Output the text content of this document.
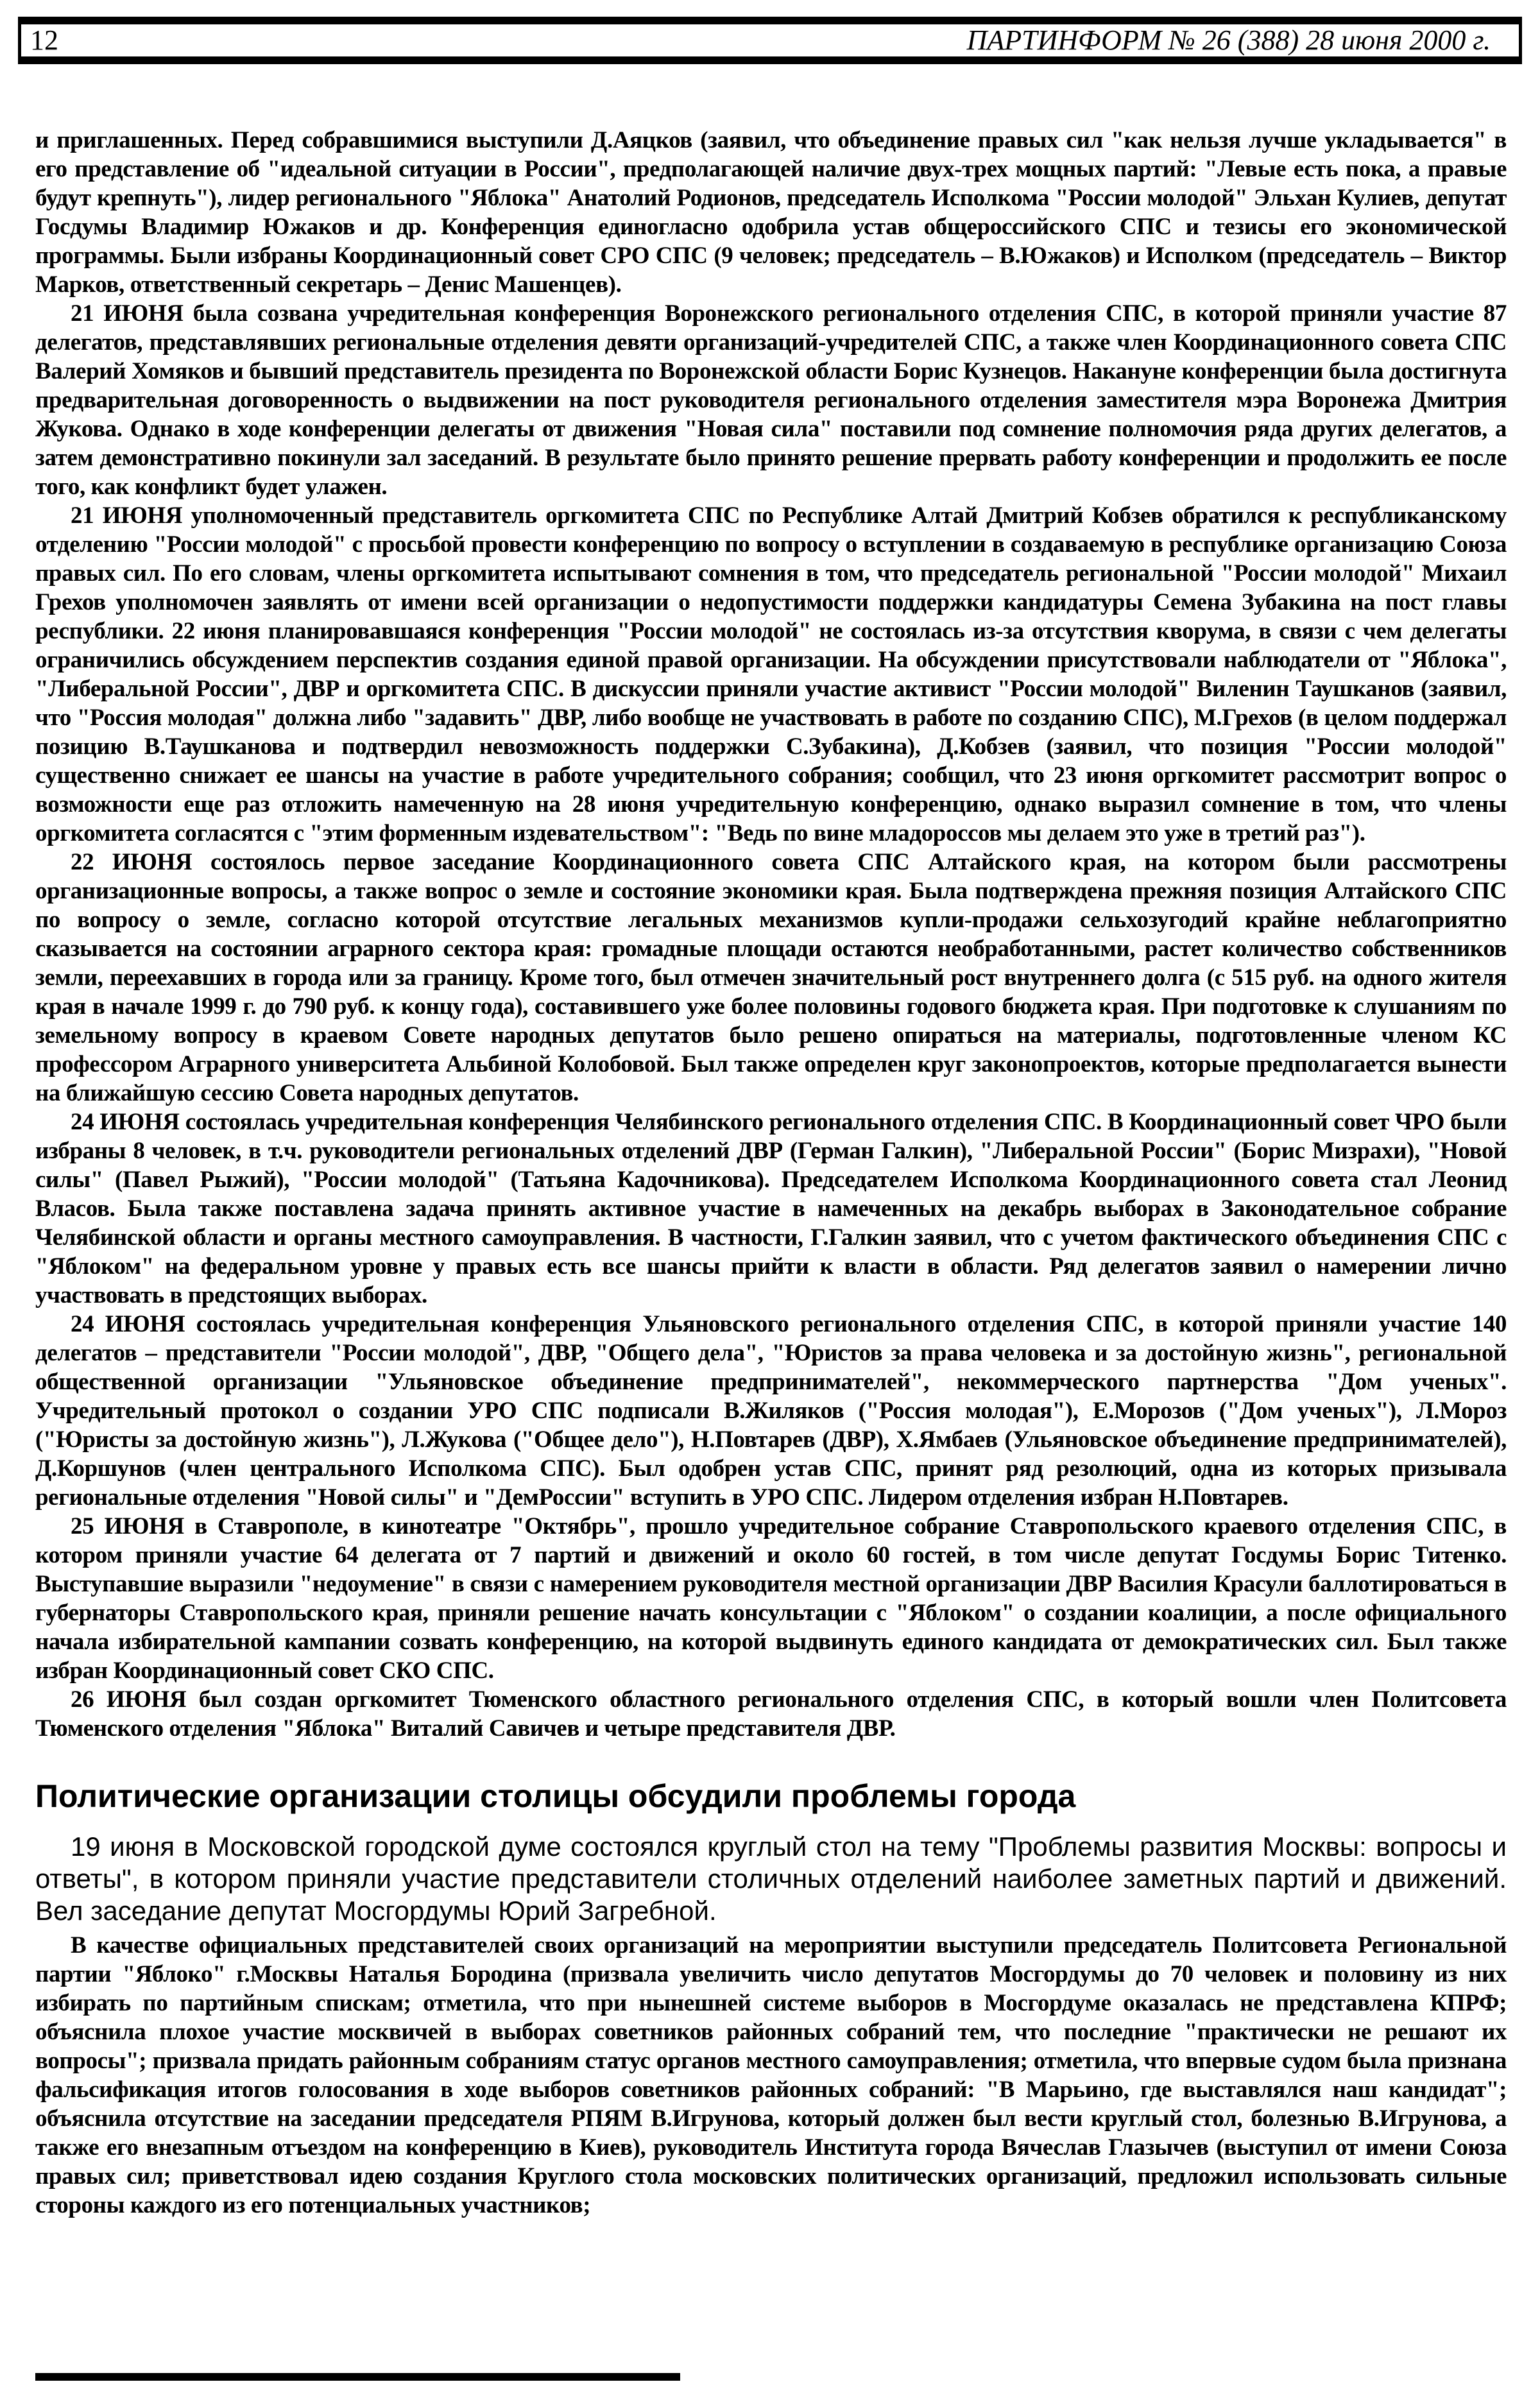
12	ПАРТИНФОРМ № 26 (388) 28 июня 2000 г.

и приглашенных. Перед собравшимися выступили Д.Аяцков (заявил, что объединение правых сил "как нельзя лучше укладывается" в его представление об "идеальной ситуации в России", предполагающей наличие двух-трех мощных партий: "Левые есть пока, а правые будут крепнуть"), лидер регионального "Яблока" Анатолий Родионов, председатель Исполкома "России молодой" Эльхан Кулиев, депутат Госдумы Владимир Южаков и др. Конференция единогласно одобрила устав общероссийского СПС и тезисы его экономической программы. Были избраны Координационный совет СРО СПС (9 человек; председатель – В.Южаков) и Исполком (председатель – Виктор Марков, ответственный секретарь – Денис Машенцев).

21 ИЮНЯ была созвана учредительная конференция Воронежского регионального отделения СПС, в которой приняли участие 87 делегатов, представлявших региональные отделения девяти организаций-учредителей СПС, а также член Координационного совета СПС Валерий Хомяков и бывший представитель президента по Воронежской области Борис Кузнецов. Накануне конференции была достигнута предварительная договоренность о выдвижении на пост руководителя регионального отделения заместителя мэра Воронежа Дмитрия Жукова. Однако в ходе конференции делегаты от движения "Новая сила" поставили под сомнение полномочия ряда других делегатов, а затем демонстративно покинули зал заседаний. В результате было принято решение прервать работу конференции и продолжить ее после того, как конфликт будет улажен.

21 ИЮНЯ уполномоченный представитель оргкомитета СПС по Республике Алтай Дмитрий Кобзев обратился к республиканскому отделению "России молодой" с просьбой провести конференцию по вопросу о вступлении в создаваемую в республике организацию Союза правых сил. По его словам, члены оргкомитета испытывают сомнения в том, что председатель региональной "России молодой" Михаил Грехов уполномочен заявлять от имени всей организации о недопустимости поддержки кандидатуры Семена Зубакина на пост главы республики. 22 июня планировавшаяся конференция "России молодой" не состоялась из-за отсутствия кворума, в связи с чем делегаты ограничились обсуждением перспектив создания единой правой организации. На обсуждении присутствовали наблюдатели от "Яблока", "Либеральной России", ДВР и оргкомитета СПС. В дискуссии приняли участие активист "России молодой" Виленин Таушканов (заявил, что "Россия молодая" должна либо "задавить" ДВР, либо вообще не участвовать в работе по созданию СПС), М.Грехов (в целом поддержал позицию В.Таушканова и подтвердил невозможность поддержки С.Зубакина), Д.Кобзев (заявил, что позиция "России молодой" существенно снижает ее шансы на участие в работе учредительного собрания; сообщил, что 23 июня оргкомитет рассмотрит вопрос о возможности еще раз отложить намеченную на 28 июня учредительную конференцию, однако выразил сомнение в том, что члены оргкомитета согласятся с "этим форменным издевательством": "Ведь по вине младороссов мы делаем это уже в третий раз").

22 ИЮНЯ состоялось первое заседание Координационного совета СПС Алтайского края, на котором были рассмотрены организационные вопросы, а также вопрос о земле и состояние экономики края. Была подтверждена прежняя позиция Алтайского СПС по вопросу о земле, согласно которой отсутствие легальных механизмов купли-продажи сельхозугодий крайне неблагоприятно сказывается на состоянии аграрного сектора края: громадные площади остаются необработанными, растет количество собственников земли, переехавших в города или за границу. Кроме того, был отмечен значительный рост внутреннего долга (с 515 руб. на одного жителя края в начале 1999 г. до 790 руб. к концу года), составившего уже более половины годового бюджета края. При подготовке к слушаниям по земельному вопросу в краевом Совете народных депутатов было решено опираться на материалы, подготовленные членом КС профессором Аграрного университета Альбиной Колобовой. Был также определен круг законопроектов, которые предполагается вынести на ближайшую сессию Совета народных депутатов.

24 ИЮНЯ состоялась учредительная конференция Челябинского регионального отделения СПС. В Координационный совет ЧРО были избраны 8 человек, в т.ч. руководители региональных отделений ДВР (Герман Галкин), "Либеральной России" (Борис Мизрахи), "Новой силы" (Павел Рыжий), "России молодой" (Татьяна Кадочникова). Председателем Исполкома Координационного совета стал Леонид Власов. Была также поставлена задача принять активное участие в намеченных на декабрь выборах в Законодательное собрание Челябинской области и органы местного самоуправления. В частности, Г.Галкин заявил, что с учетом фактического объединения СПС с "Яблоком" на федеральном уровне у правых есть все шансы прийти к власти в области. Ряд делегатов заявил о намерении лично участвовать в предстоящих выборах.

24 ИЮНЯ состоялась учредительная конференция Ульяновского регионального отделения СПС, в которой приняли участие 140 делегатов – представители "России молодой", ДВР, "Общего дела", "Юристов за права человека и за достойную жизнь", региональной общественной организации "Ульяновское объединение предпринимателей", некоммерческого партнерства "Дом ученых". Учредительный протокол о создании УРО СПС подписали В.Жиляков ("Россия молодая"), Е.Морозов ("Дом ученых"), Л.Мороз ("Юристы за достойную жизнь"), Л.Жукова ("Общее дело"), Н.Повтарев (ДВР), Х.Ямбаев (Ульяновское объединение предпринимателей), Д.Коршунов (член центрального Исполкома СПС). Был одобрен устав СПС, принят ряд резолюций, одна из которых призывала региональные отделения "Новой силы" и "ДемРоссии" вступить в УРО СПС. Лидером отделения избран Н.Повтарев.

25 ИЮНЯ в Ставрополе, в кинотеатре "Октябрь", прошло учредительное собрание Ставропольского краевого отделения СПС, в котором приняли участие 64 делегата от 7 партий и движений и около 60 гостей, в том числе депутат Госдумы Борис Титенко. Выступавшие выразили "недоумение" в связи с намерением руководителя местной организации ДВР Василия Красули баллотироваться в губернаторы Ставропольского края, приняли решение начать консультации с "Яблоком" о создании коалиции, а после официального начала избирательной кампании созвать конференцию, на которой выдвинуть единого кандидата от демократических сил. Был также избран Координационный совет СКО СПС.

26 ИЮНЯ был создан оргкомитет Тюменского областного регионального отделения СПС, в который вошли член Политсовета Тюменского отделения "Яблока" Виталий Савичев и четыре представителя ДВР.

Политические организации столицы обсудили проблемы города

19 июня в Московской городской думе состоялся круглый стол на тему "Проблемы развития Москвы: вопросы и ответы", в котором приняли участие представители столичных отделений наиболее заметных партий и движений. Вел заседание депутат Мосгордумы Юрий Загребной.

В качестве официальных представителей своих организаций на мероприятии выступили председатель Политсовета Региональной партии "Яблоко" г.Москвы Наталья Бородина (призвала увеличить число депутатов Мосгордумы до 70 человек и половину из них избирать по партийным спискам; отметила, что при нынешней системе выборов в Мосгордуме оказалась не представлена КПРФ; объяснила плохое участие москвичей в выборах советников районных собраний тем, что последние "практически не решают их вопросы"; призвала придать районным собраниям статус органов местного самоуправления; отметила, что впервые судом была признана фальсификация итогов голосования в ходе выборов советников районных собраний: "В Марьино, где выставлялся наш кандидат"; объяснила отсутствие на заседании председателя РПЯМ В.Игрунова, который должен был вести круглый стол, болезнью В.Игрунова, а также его внезапным отъездом на конференцию в Киев), руководитель Института города Вячеслав Глазычев (выступил от имени Союза правых сил; приветствовал идею создания Круглого стола московских политических организаций, предложил использовать сильные стороны каждого из его потенциальных участников;
